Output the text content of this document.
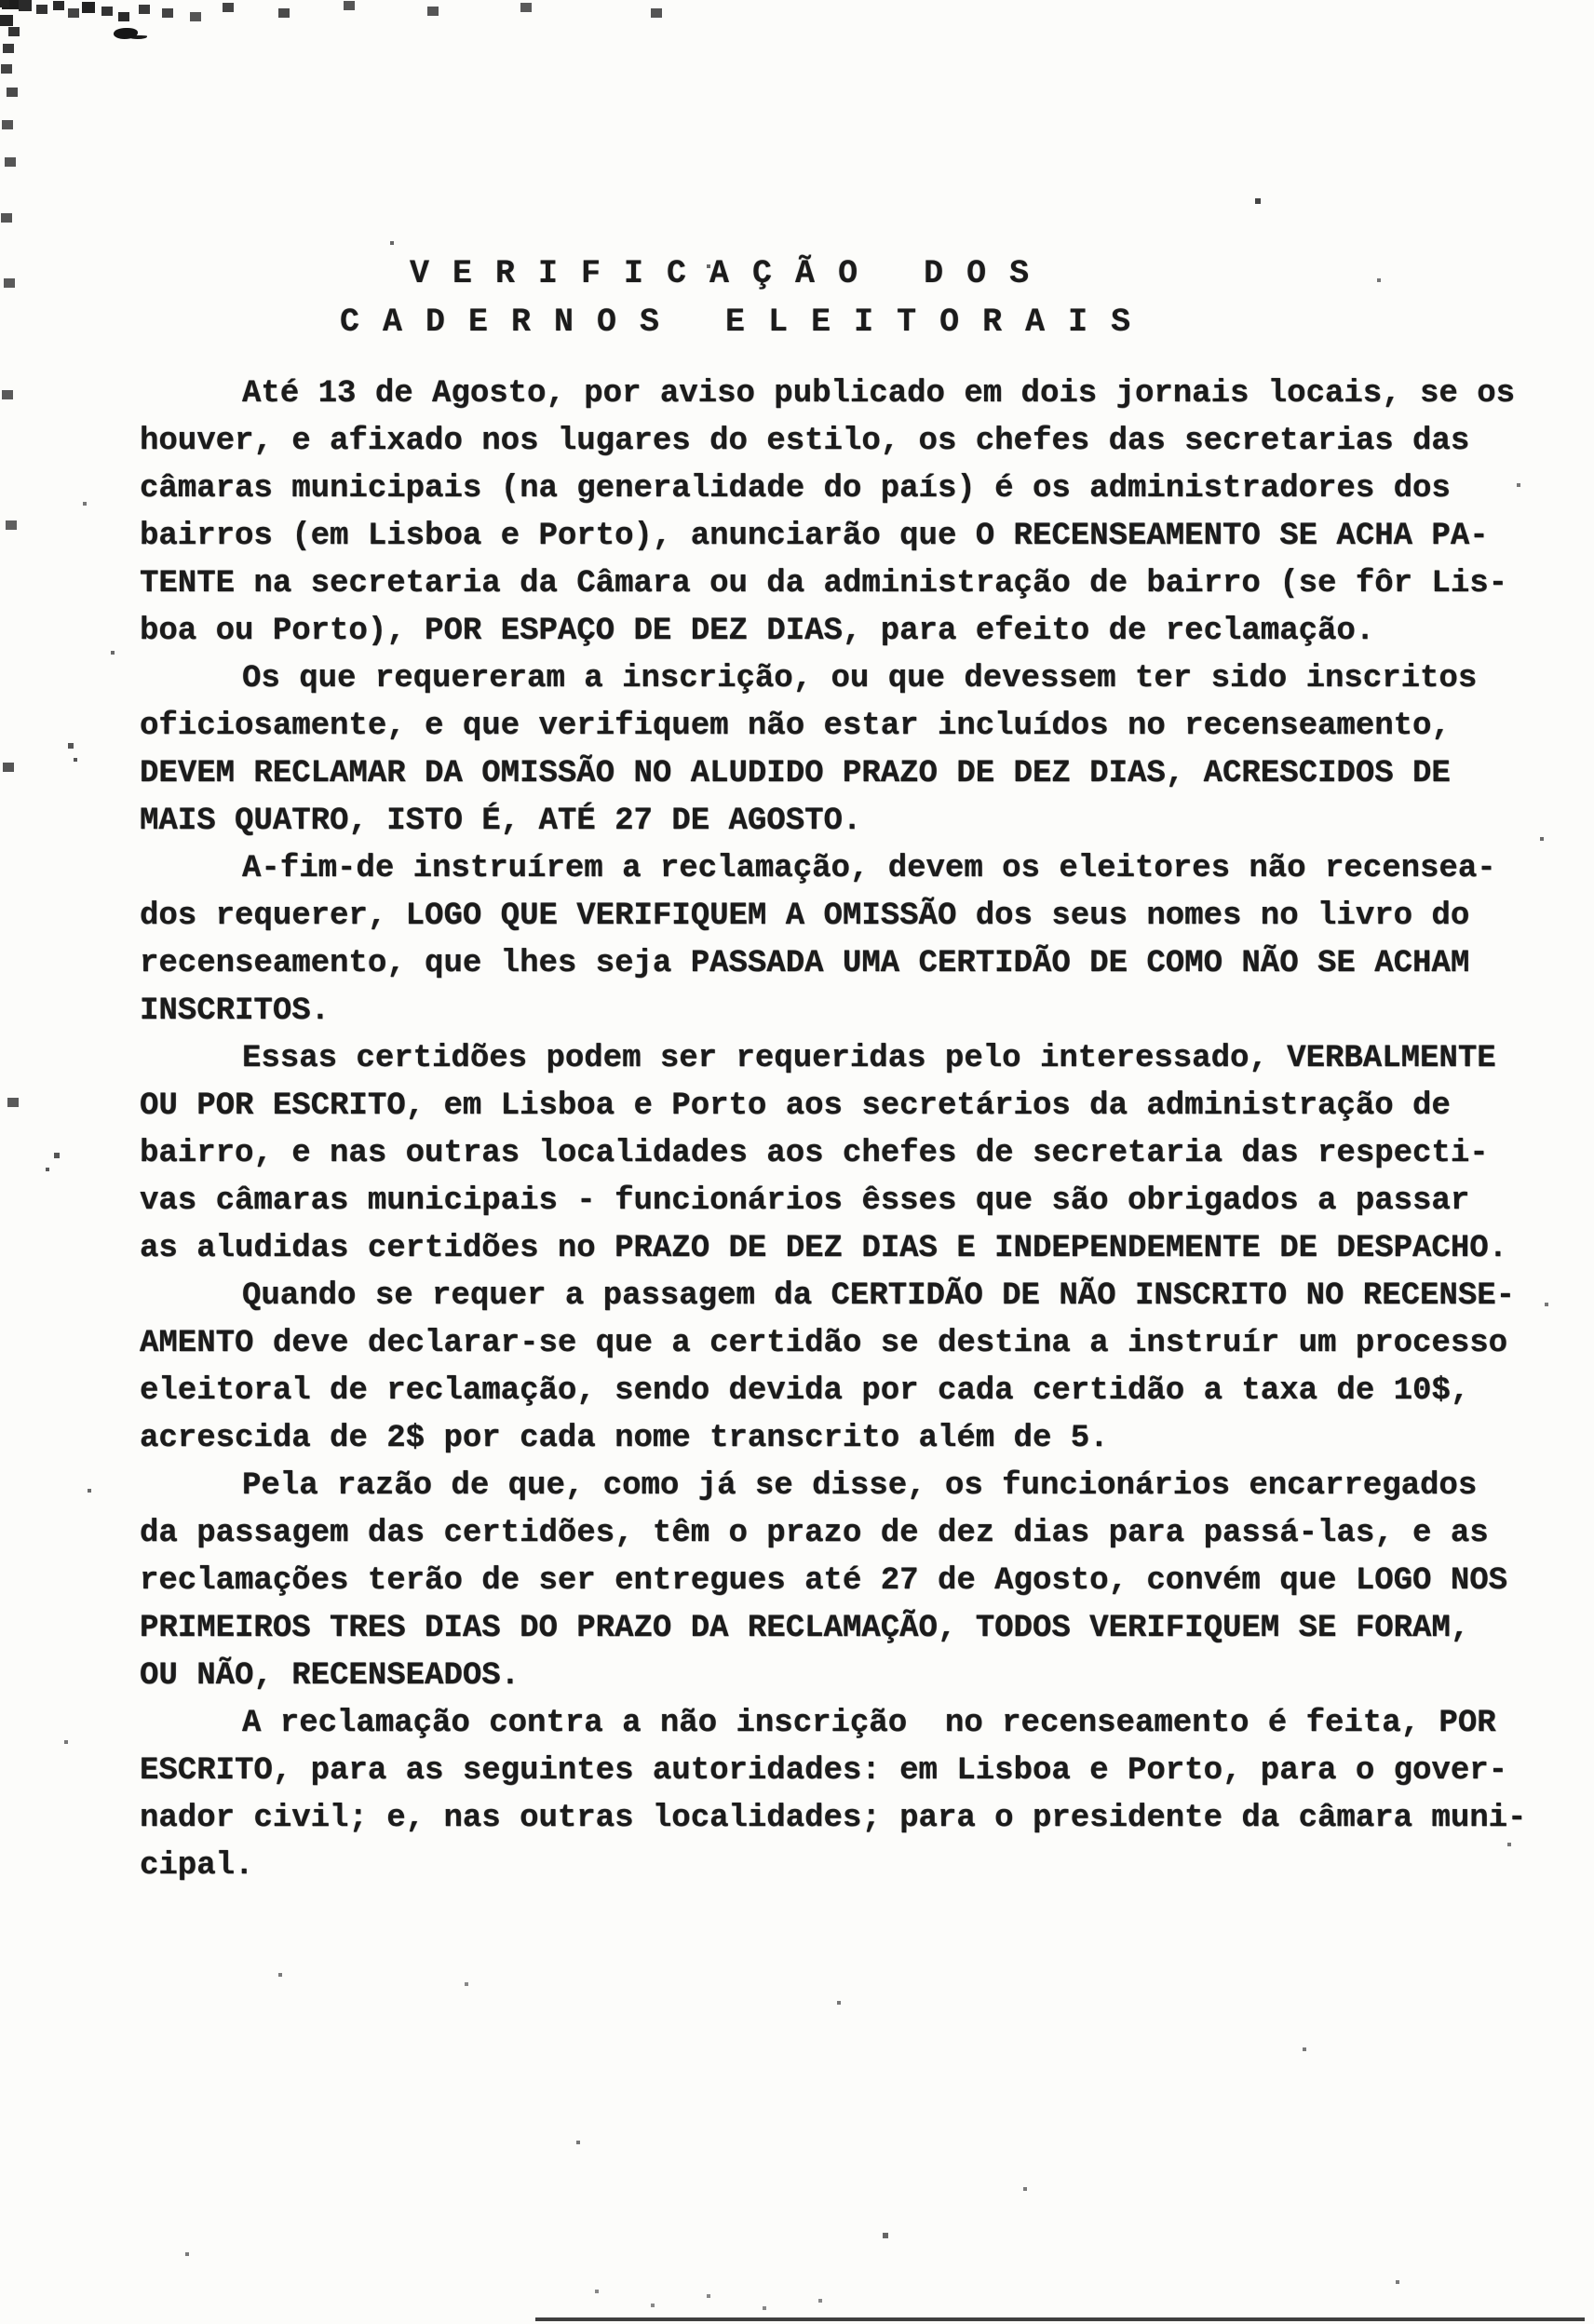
V E R I F I C A Ç Ã O   D O S
C A D E R N O S   E L E I T O R A I S
Até 13 de Agosto, por aviso publicado em dois jornais locais, se os
houver, e afixado nos lugares do estilo, os chefes das secretarias das
câmaras municipais (na generalidade do país) é os administradores dos
bairros (em Lisboa e Porto), anunciarão que O RECENSEAMENTO SE ACHA PA-
TENTE na secretaria da Câmara ou da administração de bairro (se fôr Lis-
boa ou Porto), POR ESPAÇO DE DEZ DIAS, para efeito de reclamação.
Os que requereram a inscrição, ou que devessem ter sido inscritos
oficiosamente, e que verifiquem não estar incluídos no recenseamento,
DEVEM RECLAMAR DA OMISSÃO NO ALUDIDO PRAZO DE DEZ DIAS, ACRESCIDOS DE
MAIS QUATRO, ISTO É, ATÉ 27 DE AGOSTO.
A-fim-de instruírem a reclamação, devem os eleitores não recensea-
dos requerer, LOGO QUE VERIFIQUEM A OMISSÃO dos seus nomes no livro do
recenseamento, que lhes seja PASSADA UMA CERTIDÃO DE COMO NÃO SE ACHAM
INSCRITOS.
Essas certidões podem ser requeridas pelo interessado, VERBALMENTE
OU POR ESCRITO, em Lisboa e Porto aos secretários da administração de
bairro, e nas outras localidades aos chefes de secretaria das respecti-
vas câmaras municipais - funcionários êsses que são obrigados a passar
as aludidas certidões no PRAZO DE DEZ DIAS E INDEPENDEMENTE DE DESPACHO.
Quando se requer a passagem da CERTIDÃO DE NÃO INSCRITO NO RECENSE-
AMENTO deve declarar-se que a certidão se destina a instruír um processo
eleitoral de reclamação, sendo devida por cada certidão a taxa de 10$,
acrescida de 2$ por cada nome transcrito além de 5.
Pela razão de que, como já se disse, os funcionários encarregados
da passagem das certidões, têm o prazo de dez dias para passá-las, e as
reclamações terão de ser entregues até 27 de Agosto, convém que LOGO NOS
PRIMEIROS TRES DIAS DO PRAZO DA RECLAMAÇÃO, TODOS VERIFIQUEM SE FORAM,
OU NÃO, RECENSEADOS.
A reclamação contra a não inscrição  no recenseamento é feita, POR
ESCRITO, para as seguintes autoridades: em Lisboa e Porto, para o gover-
nador civil; e, nas outras localidades; para o presidente da câmara muni-
cipal.
